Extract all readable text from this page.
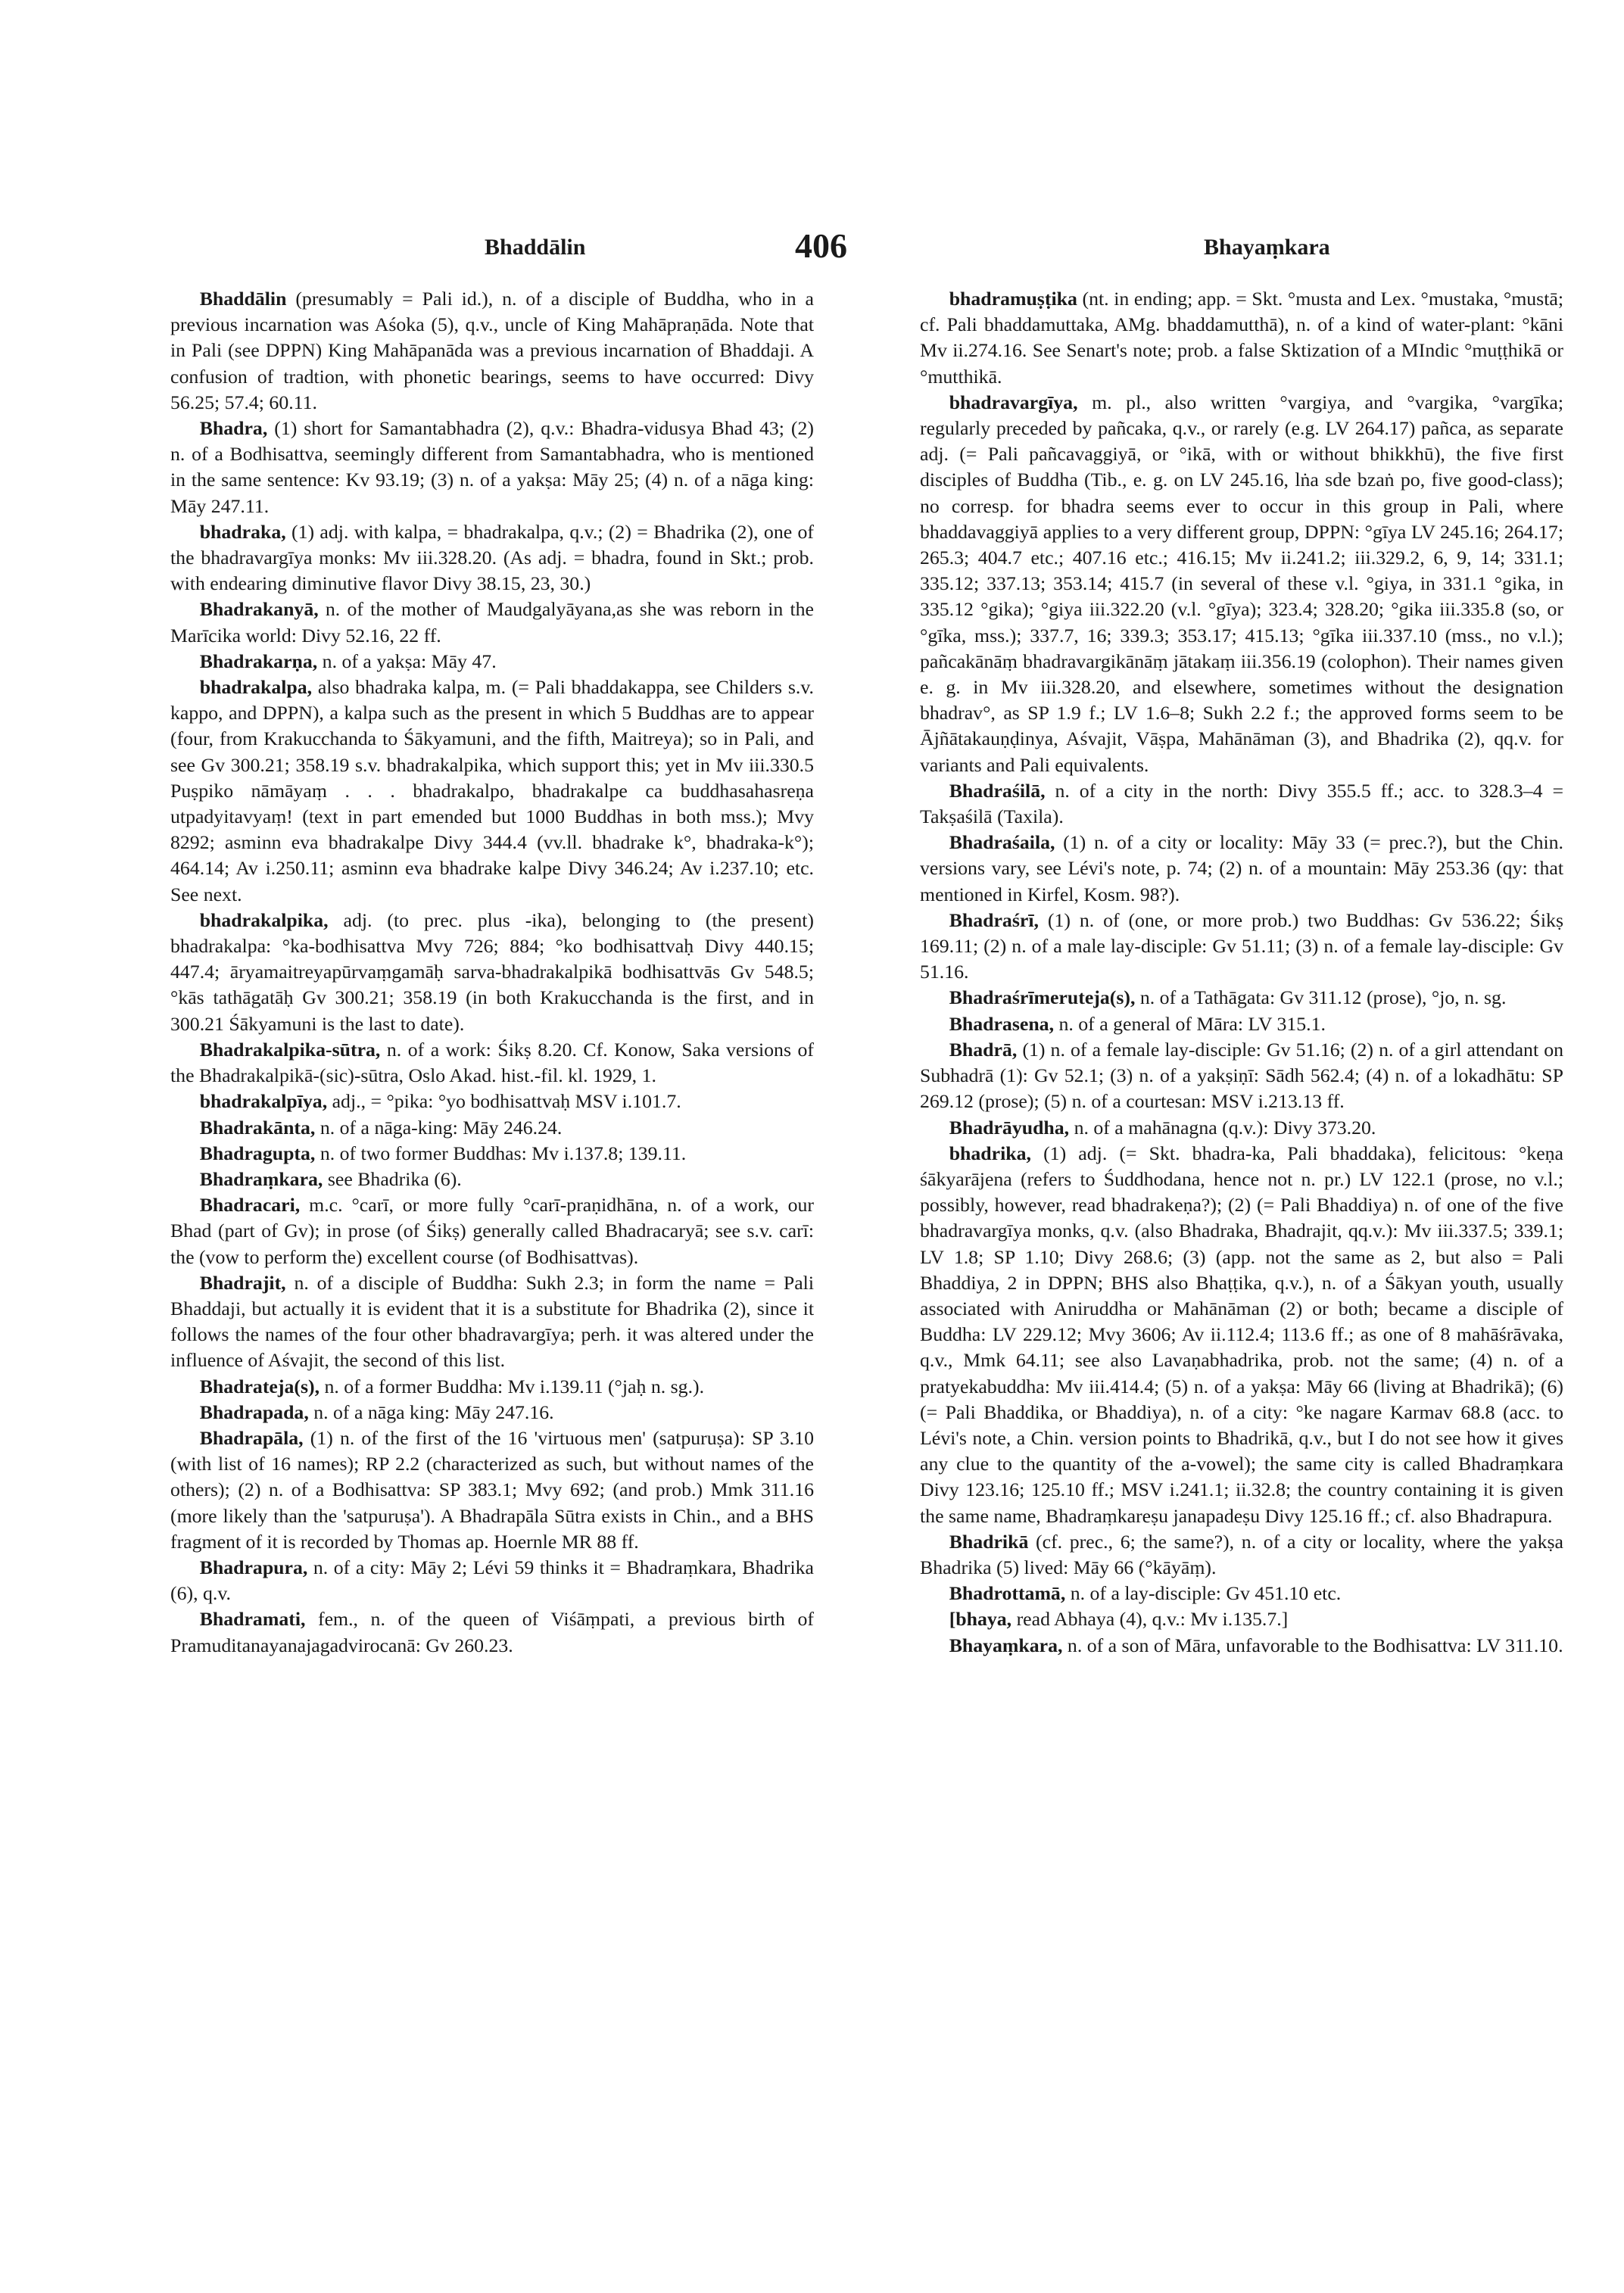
Bhaddālin	406	Bhayaṃkara

Bhaddālin (presumably = Pali id.), n. of a disciple of Buddha, who in a previous incarnation was Aśoka (5), q.v., uncle of King Mahāpraṇāda. Note that in Pali (see DPPN) King Mahāpanāda was a previous incarnation of Bhaddaji. A confusion of tradtion, with phonetic bearings, seems to have occurred: Divy 56.25; 57.4; 60.11.

Bhadra, (1) short for Samantabhadra (2), q.v.: Bhadra-vidusya Bhad 43; (2) n. of a Bodhisattva, seemingly different from Samantabhadra, who is mentioned in the same sentence: Kv 93.19; (3) n. of a yakṣa: Māy 25; (4) n. of a nāga king: Māy 247.11.

bhadraka, (1) adj. with kalpa, = bhadrakalpa, q.v.; (2) = Bhadrika (2), one of the bhadravargīya monks: Mv iii.328.20. (As adj. = bhadra, found in Skt.; prob. with endearing diminutive flavor Divy 38.15, 23, 30.)

Bhadrakanyā, n. of the mother of Maudgalyāyana,as she was reborn in the Marīcika world: Divy 52.16, 22 ff.

Bhadrakarṇa, n. of a yakṣa: Māy 47.

bhadrakalpa, also bhadraka kalpa, m. (= Pali bhaddakappa, see Childers s.v. kappo, and DPPN), a kalpa such as the present in which 5 Buddhas are to appear (four, from Krakucchanda to Śākyamuni, and the fifth, Maitreya); so in Pali, and see Gv 300.21; 358.19 s.v. bhadrakalpika, which support this; yet in Mv iii.330.5 Puṣpiko nāmāyaṃ . . . bhadrakalpo, bhadrakalpe ca buddhasahasreṇa utpadyitavyaṃ! (text in part emended but 1000 Buddhas in both mss.); Mvy 8292; asminn eva bhadrakalpe Divy 344.4 (vv.ll. bhadrake k°, bhadraka-k°); 464.14; Av i.250.11; asminn eva bhadrake kalpe Divy 346.24; Av i.237.10; etc. See next.

bhadrakalpika, adj. (to prec. plus -ika), belonging to (the present) bhadrakalpa: °ka-bodhisattva Mvy 726; 884; °ko bodhisattvaḥ Divy 440.15; 447.4; āryamaitreyapūrvaṃgamāḥ sarva-bhadrakalpikā bodhisattvās Gv 548.5; °kās tathāgatāḥ Gv 300.21; 358.19 (in both Krakucchanda is the first, and in 300.21 Śākyamuni is the last to date).

Bhadrakalpika-sūtra, n. of a work: Śikṣ 8.20. Cf. Konow, Saka versions of the Bhadrakalpikā-(sic)-sūtra, Oslo Akad. hist.-fil. kl. 1929, 1.

bhadrakalpīya, adj., = °pika: °yo bodhisattvaḥ MSV i.101.7.

Bhadrakānta, n. of a nāga-king: Māy 246.24.

Bhadragupta, n. of two former Buddhas: Mv i.137.8; 139.11.

Bhadraṃkara, see Bhadrika (6).

Bhadracari, m.c. °carī, or more fully °carī-praṇidhāna, n. of a work, our Bhad (part of Gv); in prose (of Śikṣ) generally called Bhadracaryā; see s.v. carī: the (vow to perform the) excellent course (of Bodhisattvas).

Bhadrajit, n. of a disciple of Buddha: Sukh 2.3; in form the name = Pali Bhaddaji, but actually it is evident that it is a substitute for Bhadrika (2), since it follows the names of the four other bhadravargīya; perh. it was altered under the influence of Aśvajit, the second of this list.

Bhadrateja(s), n. of a former Buddha: Mv i.139.11 (°jaḥ n. sg.).

Bhadrapada, n. of a nāga king: Māy 247.16.

Bhadrapāla, (1) n. of the first of the 16 'virtuous men' (satpuruṣa): SP 3.10 (with list of 16 names); RP 2.2 (characterized as such, but without names of the others); (2) n. of a Bodhisattva: SP 383.1; Mvy 692; (and prob.) Mmk 311.16 (more likely than the 'satpuruṣa'). A Bhadrapāla Sūtra exists in Chin., and a BHS fragment of it is recorded by Thomas ap. Hoernle MR 88 ff.

Bhadrapura, n. of a city: Māy 2; Lévi 59 thinks it = Bhadraṃkara, Bhadrika (6), q.v.

Bhadramati, fem., n. of the queen of Viśāṃpati, a previous birth of Pramuditanayanajagadvirocanā: Gv 260.23.

bhadramuṣṭika (nt. in ending; app. = Skt. °musta and Lex. °mustaka, °mustā; cf. Pali bhaddamuttaka, AMg. bhaddamutthā), n. of a kind of water-plant: °kāni Mv ii.274.16. See Senart's note; prob. a false Sktization of a MIndic °muṭṭhikā or °mutthikā.

bhadravargīya, m. pl., also written °vargiya, and °vargika, °vargīka; regularly preceded by pañcaka, q.v., or rarely (e.g. LV 264.17) pañca, as separate adj. (= Pali pañcavaggiyā, or °ikā, with or without bhikkhū), the five first disciples of Buddha (Tib., e. g. on LV 245.16, lṅa sde bzaṅ po, five good-class); no corresp. for bhadra seems ever to occur in this group in Pali, where bhaddavaggiyā applies to a very different group, DPPN: °gīya LV 245.16; 264.17; 265.3; 404.7 etc.; 407.16 etc.; 416.15; Mv ii.241.2; iii.329.2, 6, 9, 14; 331.1; 335.12; 337.13; 353.14; 415.7 (in several of these v.l. °giya, in 331.1 °gika, in 335.12 °gika); °giya iii.322.20 (v.l. °gīya); 323.4; 328.20; °gika iii.335.8 (so, or °gīka, mss.); 337.7, 16; 339.3; 353.17; 415.13; °gīka iii.337.10 (mss., no v.l.); pañcakānāṃ bhadravargikānāṃ jātakaṃ iii.356.19 (colophon). Their names given e. g. in Mv iii.328.20, and elsewhere, sometimes without the designation bhadrav°, as SP 1.9 f.; LV 1.6–8; Sukh 2.2 f.; the approved forms seem to be Ājñātakauṇḍinya, Aśvajit, Vāṣpa, Mahānāman (3), and Bhadrika (2), qq.v. for variants and Pali equivalents.

Bhadraśilā, n. of a city in the north: Divy 355.5 ff.; acc. to 328.3–4 = Takṣaśilā (Taxila).

Bhadraśaila, (1) n. of a city or locality: Māy 33 (= prec.?), but the Chin. versions vary, see Lévi's note, p. 74; (2) n. of a mountain: Māy 253.36 (qy: that mentioned in Kirfel, Kosm. 98?).

Bhadraśrī, (1) n. of (one, or more prob.) two Buddhas: Gv 536.22; Śikṣ 169.11; (2) n. of a male lay-disciple: Gv 51.11; (3) n. of a female lay-disciple: Gv 51.16.

Bhadraśrīmeruteja(s), n. of a Tathāgata: Gv 311.12 (prose), °jo, n. sg.

Bhadrasena, n. of a general of Māra: LV 315.1.

Bhadrā, (1) n. of a female lay-disciple: Gv 51.16; (2) n. of a girl attendant on Subhadrā (1): Gv 52.1; (3) n. of a yakṣiṇī: Sādh 562.4; (4) n. of a lokadhātu: SP 269.12 (prose); (5) n. of a courtesan: MSV i.213.13 ff.

Bhadrāyudha, n. of a mahānagna (q.v.): Divy 373.20.

bhadrika, (1) adj. (= Skt. bhadra-ka, Pali bhaddaka), felicitous: °keṇa śākyarājena (refers to Śuddhodana, hence not n. pr.) LV 122.1 (prose, no v.l.; possibly, however, read bhadrakeṇa?); (2) (= Pali Bhaddiya) n. of one of the five bhadravargīya monks, q.v. (also Bhadraka, Bhadrajit, qq.v.): Mv iii.337.5; 339.1; LV 1.8; SP 1.10; Divy 268.6; (3) (app. not the same as 2, but also = Pali Bhaddiya, 2 in DPPN; BHS also Bhaṭṭika, q.v.), n. of a Śākyan youth, usually associated with Aniruddha or Mahānāman (2) or both; became a disciple of Buddha: LV 229.12; Mvy 3606; Av ii.112.4; 113.6 ff.; as one of 8 mahāśrāvaka, q.v., Mmk 64.11; see also Lavaṇabhadrika, prob. not the same; (4) n. of a pratyekabuddha: Mv iii.414.4; (5) n. of a yakṣa: Māy 66 (living at Bhadrikā); (6) (= Pali Bhaddika, or Bhaddiya), n. of a city: °ke nagare Karmav 68.8 (acc. to Lévi's note, a Chin. version points to Bhadrikā, q.v., but I do not see how it gives any clue to the quantity of the a-vowel); the same city is called Bhadraṃkara Divy 123.16; 125.10 ff.; MSV i.241.1; ii.32.8; the country containing it is given the same name, Bhadraṃkareṣu janapadeṣu Divy 125.16 ff.; cf. also Bhadrapura.

Bhadrikā (cf. prec., 6; the same?), n. of a city or locality, where the yakṣa Bhadrika (5) lived: Māy 66 (°kāyāṃ).

Bhadrottamā, n. of a lay-disciple: Gv 451.10 etc.

[bhaya, read Abhaya (4), q.v.: Mv i.135.7.]

Bhayaṃkara, n. of a son of Māra, unfavorable to the Bodhisattva: LV 311.10.
